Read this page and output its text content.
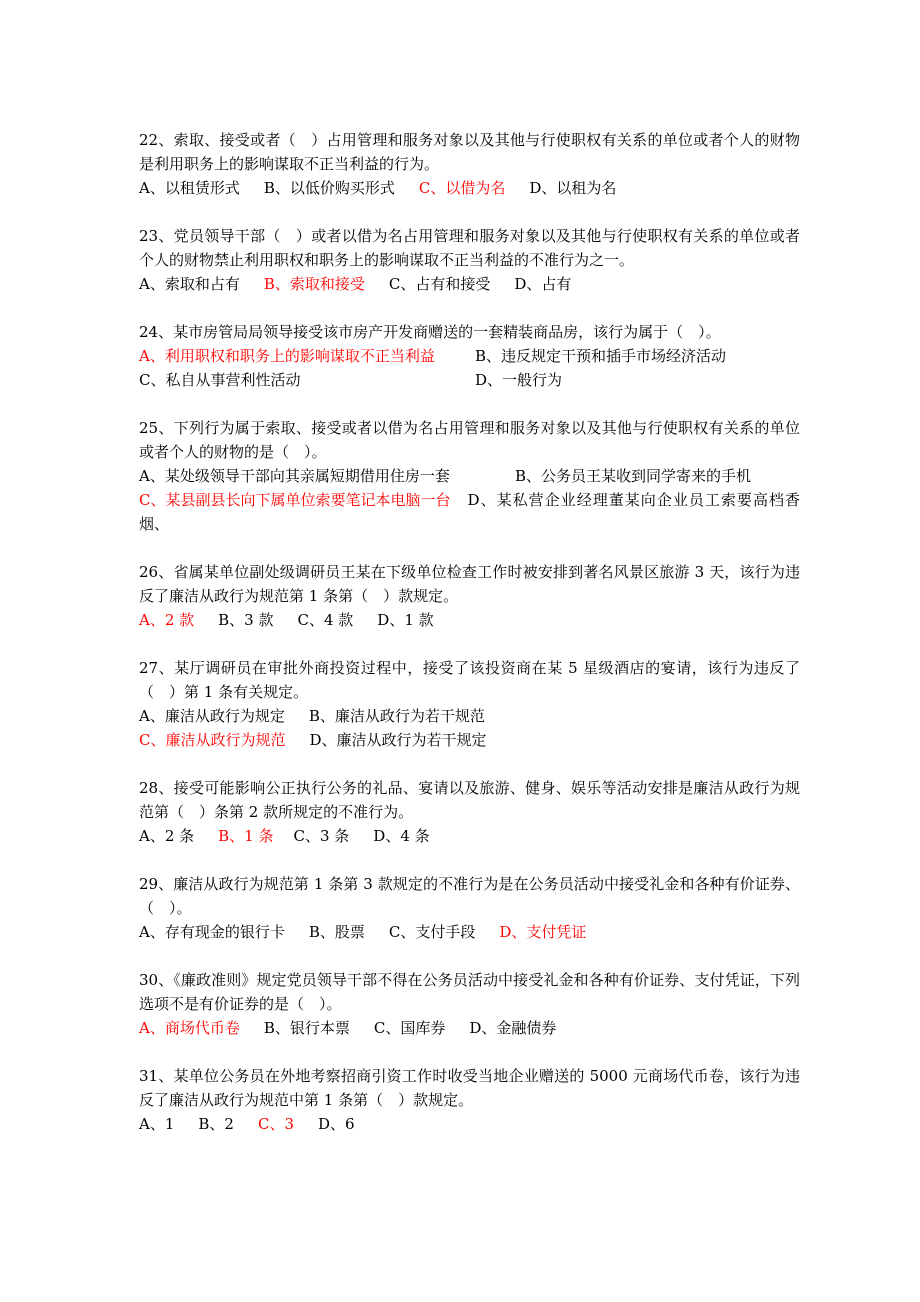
22、索取、接受或者（　）占用管理和服务对象以及其他与行使职权有关系的单位或者个人的财物是利用职务上的影响谋取不正当利益的行为。

A、以租赁形式 B、以低价购买形式 C、以借为名 D、以租为名

23、党员领导干部（　）或者以借为名占用管理和服务对象以及其他与行使职权有关系的单位或者个人的财物禁止利用职权和职务上的影响谋取不正当利益的不准行为之一。

A、索取和占有 B、索取和接受 C、占有和接受 D、占有

24、某市房管局局领导接受该市房产开发商赠送的一套精装商品房，该行为属于（　）。

A、利用职权和职务上的影响谋取不正当利益	B、违反规定干预和插手市场经济活动
C、私自从事营利性活动	D、一般行为

25、下列行为属于索取、接受或者以借为名占用管理和服务对象以及其他与行使职权有关系的单位或者个人的财物的是（　）。

A、某处级领导干部向其亲属短期借用住房一套	B、公务员王某收到同学寄来的手机

C、某县副县长向下属单位索要笔记本电脑一台　 D、某私营企业经理董某向企业员工索要高档香烟、

26、省属某单位副处级调研员王某在下级单位检查工作时被安排到著名风景区旅游 3 天，该行为违反了廉洁从政行为规范第 1 条第（　）款规定。

A、2 款 B、3 款 C、4 款 D、1 款

27、某厅调研员在审批外商投资过程中，接受了该投资商在某 5 星级酒店的宴请，该行为违反了（　）第 1 条有关规定。

A、廉洁从政行为规定 B、廉洁从政行为若干规范

C、廉洁从政行为规范 D、廉洁从政行为若干规定

28、接受可能影响公正执行公务的礼品、宴请以及旅游、健身、娱乐等活动安排是廉洁从政行为规范第（　）条第 2 款所规定的不准行为。

A、2 条 B、1 条 C、3 条 D、4 条

29、廉洁从政行为规范第 1 条第 3 款规定的不准行为是在公务员活动中接受礼金和各种有价证券、（　）。

A、存有现金的银行卡 B、股票 C、支付手段 D、支付凭证

30、《廉政准则》规定党员领导干部不得在公务员活动中接受礼金和各种有价证券、支付凭证，下列选项不是有价证券的是（　）。

A、商场代币卷 B、银行本票 C、国库券 D、金融债券

31、某单位公务员在外地考察招商引资工作时收受当地企业赠送的 5000 元商场代币卷，该行为违反了廉洁从政行为规范中第 1 条第（　）款规定。

A、1 B、2 C、3 D、6
